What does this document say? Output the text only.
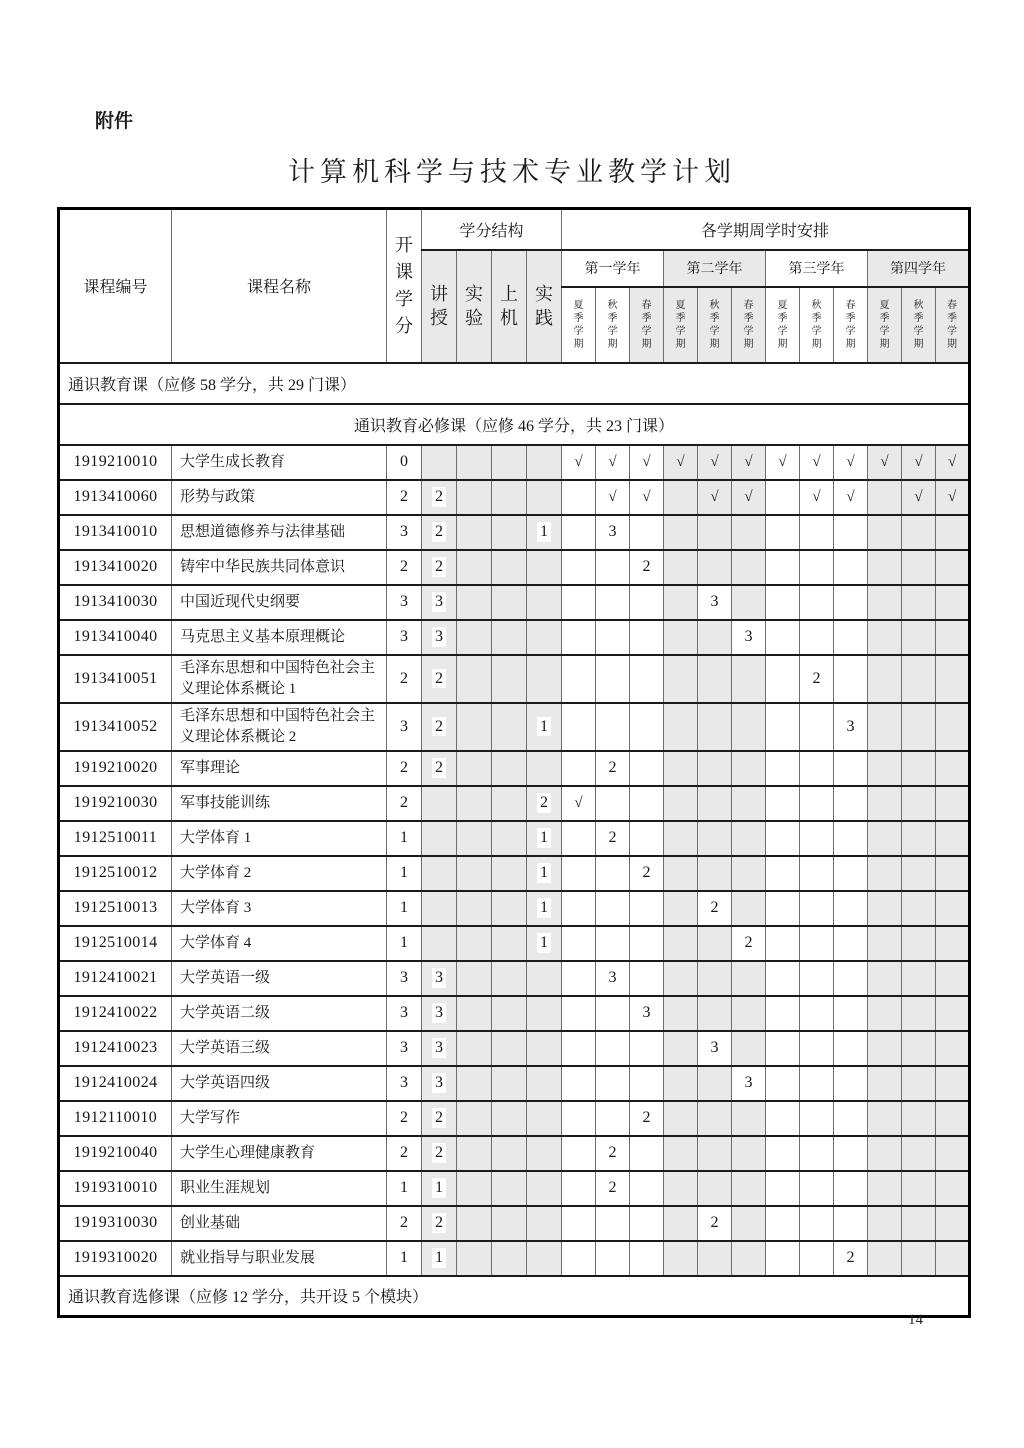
附件
计算机科学与技术专业教学计划
课程编号	课程名称	开课学分	学分结构				各学期周学时安排											
			讲授	实验	上机	实践	第一学年			第二学年			第三学年			第四学年		
							夏季学期	秋季学期	春季学期	夏季学期	秋季学期	春季学期	夏季学期	秋季学期	春季学期	夏季学期	秋季学期	春季学期
通识教育课（应修 58 学分，共 29 门课）																		
通识教育必修课（应修 46 学分，共 23 门课）																		
1919210010	大学生成长教育	0					√	√	√	√	√	√	√	√	√	√	√	√
1913410060	形势与政策	2	2					√	√		√	√		√	√		√	√
1913410010	思想道德修养与法律基础	3	2			1		3										
1913410020	铸牢中华民族共同体意识	2	2						2									
1913410030	中国近现代史纲要	3	3								3							
1913410040	马克思主义基本原理概论	3	3									3						
1913410051	毛泽东思想和中国特色社会主义理论体系概论 1	2	2											2				
1913410052	毛泽东思想和中国特色社会主义理论体系概论 2	3	2			1									3			
1919210020	军事理论	2	2					2										
1919210030	军事技能训练	2				2	√											
1912510011	大学体育 1	1				1		2										
1912510012	大学体育 2	1				1			2									
1912510013	大学体育 3	1				1					2							
1912510014	大学体育 4	1				1						2						
1912410021	大学英语一级	3	3					3										
1912410022	大学英语二级	3	3						3									
1912410023	大学英语三级	3	3								3							
1912410024	大学英语四级	3	3									3						
1912110010	大学写作	2	2						2									
1919210040	大学生心理健康教育	2	2					2										
1919310010	职业生涯规划	1	1					2										
1919310030	创业基础	2	2								2							
1919310020	就业指导与职业发展	1	1												2			
通识教育选修课（应修 12 学分，共开设 5 个模块）																		
14
